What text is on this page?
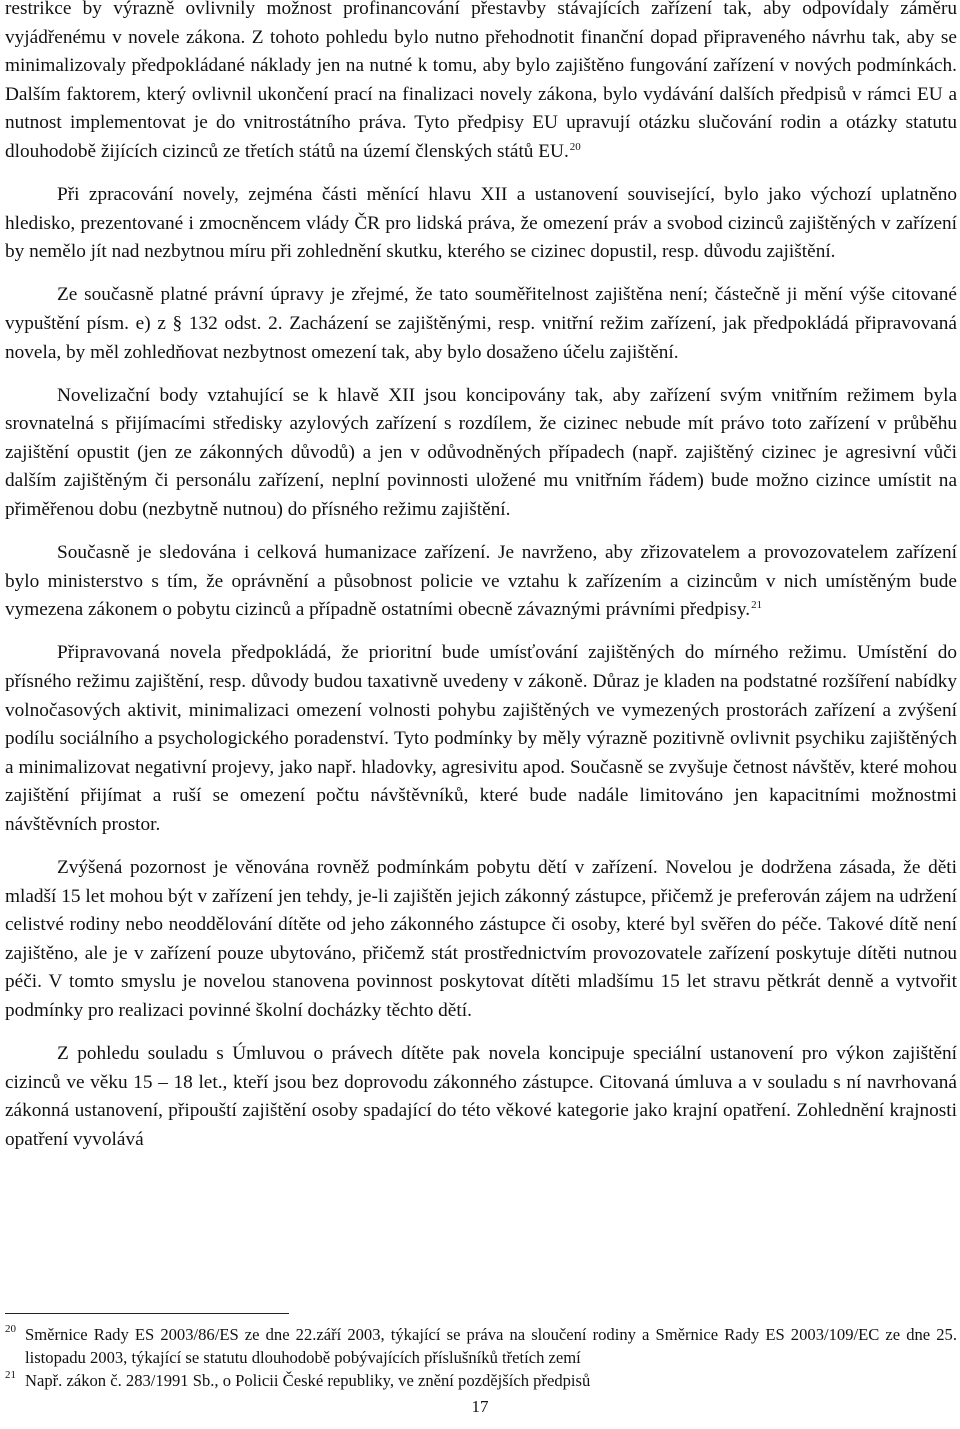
restrikce by výrazně ovlivnily možnost profinancování přestavby stávajících zařízení tak, aby odpovídaly záměru vyjádřenému v novele zákona. Z tohoto pohledu bylo nutno přehodnotit finanční dopad připraveného návrhu tak, aby se minimalizovaly předpokládané náklady jen na nutné k tomu, aby bylo zajištěno fungování zařízení v nových podmínkách. Dalším faktorem, který ovlivnil ukončení prací na finalizaci novely zákona, bylo vydávání dalších předpisů v rámci EU a nutnost implementovat je do vnitrostátního práva. Tyto předpisy EU upravují otázku slučování rodin a otázky statutu dlouhodobě žijících cizinců ze třetích států na území členských států EU.$^{20}$

Při zpracování novely, zejména části měnící hlavu XII a ustanovení související, bylo jako výchozí uplatněno hledisko, prezentované i zmocněncem vlády ČR pro lidská práva, že omezení práv a svobod cizinců zajištěných v zařízení by nemělo jít nad nezbytnou míru při zohlednění skutku, kterého se cizinec dopustil, resp. důvodu zajištění.

Ze současně platné právní úpravy je zřejmé, že tato souměřitelnost zajištěna není; částečně ji mění výše citované vypuštění písm. e) z § 132 odst. 2. Zacházení se zajištěnými, resp. vnitřní režim zařízení, jak předpokládá připravovaná novela, by měl zohledňovat nezbytnost omezení tak, aby bylo dosaženo účelu zajištění.

Novelizační body vztahující se k hlavě XII jsou koncipovány tak, aby zařízení svým vnitřním režimem byla srovnatelná s přijímacími středisky azylových zařízení s rozdílem, že cizinec nebude mít právo toto zařízení v průběhu zajištění opustit (jen ze zákonných důvodů) a jen v odůvodněných případech (např. zajištěný cizinec je agresivní vůči dalším zajištěným či personálu zařízení, neplní povinnosti uložené mu vnitřním řádem) bude možno cizince umístit na přiměřenou dobu (nezbytně nutnou) do přísného režimu zajištění.

Současně je sledována i celková humanizace zařízení. Je navrženo, aby zřizovatelem a provozovatelem zařízení bylo ministerstvo s tím, že oprávnění a působnost policie ve vztahu k zařízením a cizincům v nich umístěným bude vymezena zákonem o pobytu cizinců a případně ostatními obecně závaznými právními předpisy.$^{21}$

Připravovaná novela předpokládá, že prioritní bude umísťování zajištěných do mírného režimu. Umístění do přísného režimu zajištění, resp. důvody budou taxativně uvedeny v zákoně. Důraz je kladen na podstatné rozšíření nabídky volnočasových aktivit, minimalizaci omezení volnosti pohybu zajištěných ve vymezených prostorách zařízení a zvýšení podílu sociálního a psychologického poradenství. Tyto podmínky by měly výrazně pozitivně ovlivnit psychiku zajištěných a minimalizovat negativní projevy, jako např. hladovky, agresivitu apod. Současně se zvyšuje četnost návštěv, které mohou zajištění přijímat a ruší se omezení počtu návštěvníků, které bude nadále limitováno jen kapacitními možnostmi návštěvních prostor.

Zvýšená pozornost je věnována rovněž podmínkám pobytu dětí v zařízení. Novelou je dodržena zásada, že děti mladší 15 let mohou být v zařízení jen tehdy, je-li zajištěn jejich zákonný zástupce, přičemž je preferován zájem na udržení celistvé rodiny nebo neoddělování dítěte od jeho zákonného zástupce či osoby, které byl svěřen do péče. Takové dítě není zajištěno, ale je v zařízení pouze ubytováno, přičemž stát prostřednictvím provozovatele zařízení poskytuje dítěti nutnou péči. V tomto smyslu je novelou stanovena povinnost poskytovat dítěti mladšímu 15 let stravu pětkrát denně a vytvořit podmínky pro realizaci povinné školní docházky těchto dětí.

Z pohledu souladu s Úmluvou o právech dítěte pak novela koncipuje speciální ustanovení pro výkon zajištění cizinců ve věku 15 – 18 let., kteří jsou bez doprovodu zákonného zástupce. Citovaná úmluva a v souladu s ní navrhovaná zákonná ustanovení, připouští zajištění osoby spadající do této věkové kategorie jako krajní opatření. Zohlednění krajnosti opatření vyvolává

20 Směrnice Rady ES 2003/86/ES ze dne 22.září 2003, týkající se práva na sloučení rodiny a Směrnice Rady ES 2003/109/EC ze dne 25. listopadu 2003, týkající se statutu dlouhodobě pobývajících příslušníků třetích zemí
21 Např. zákon č. 283/1991 Sb., o Policii České republiky, ve znění pozdějších předpisů
17
